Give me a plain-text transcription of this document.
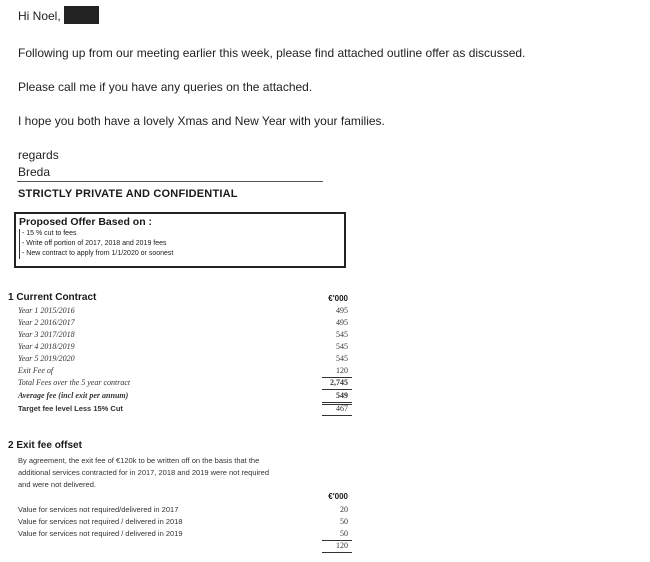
Hi Noel,
Following up from our meeting earlier this week, please find attached outline offer as discussed.
Please call me if you have any queries on the attached.
I hope you both have a lovely Xmas and New Year with your families.
regards
Breda
STRICTLY PRIVATE AND CONFIDENTIAL
Proposed Offer Based on :
- 15 % cut to fees
- Write off portion of 2017, 2018 and 2019 fees
- New contract to apply from 1/1/2020 or soonest
1 Current Contract	€'000
Year 1 2015/2016	495
Year 2 2016/2017	495
Year 3 2017/2018	545
Year 4 2018/2019	545
Year 5 2019/2020	545
Exit Fee of	120
Total Fees over the 5 year contract	2,745
Average fee (incl exit per annum)	549
Target fee level Less 15% Cut	467
2 Exit fee offset
By agreement, the exit fee of €120k to be written off on the basis that the
additional services contracted for in 2017, 2018 and 2019 were not required
and were not delivered.
€'000
Value for services not required/delivered in 2017	20
Value for services not required / delivered in 2018	50
Value for services not required / delivered in 2019	50
120
